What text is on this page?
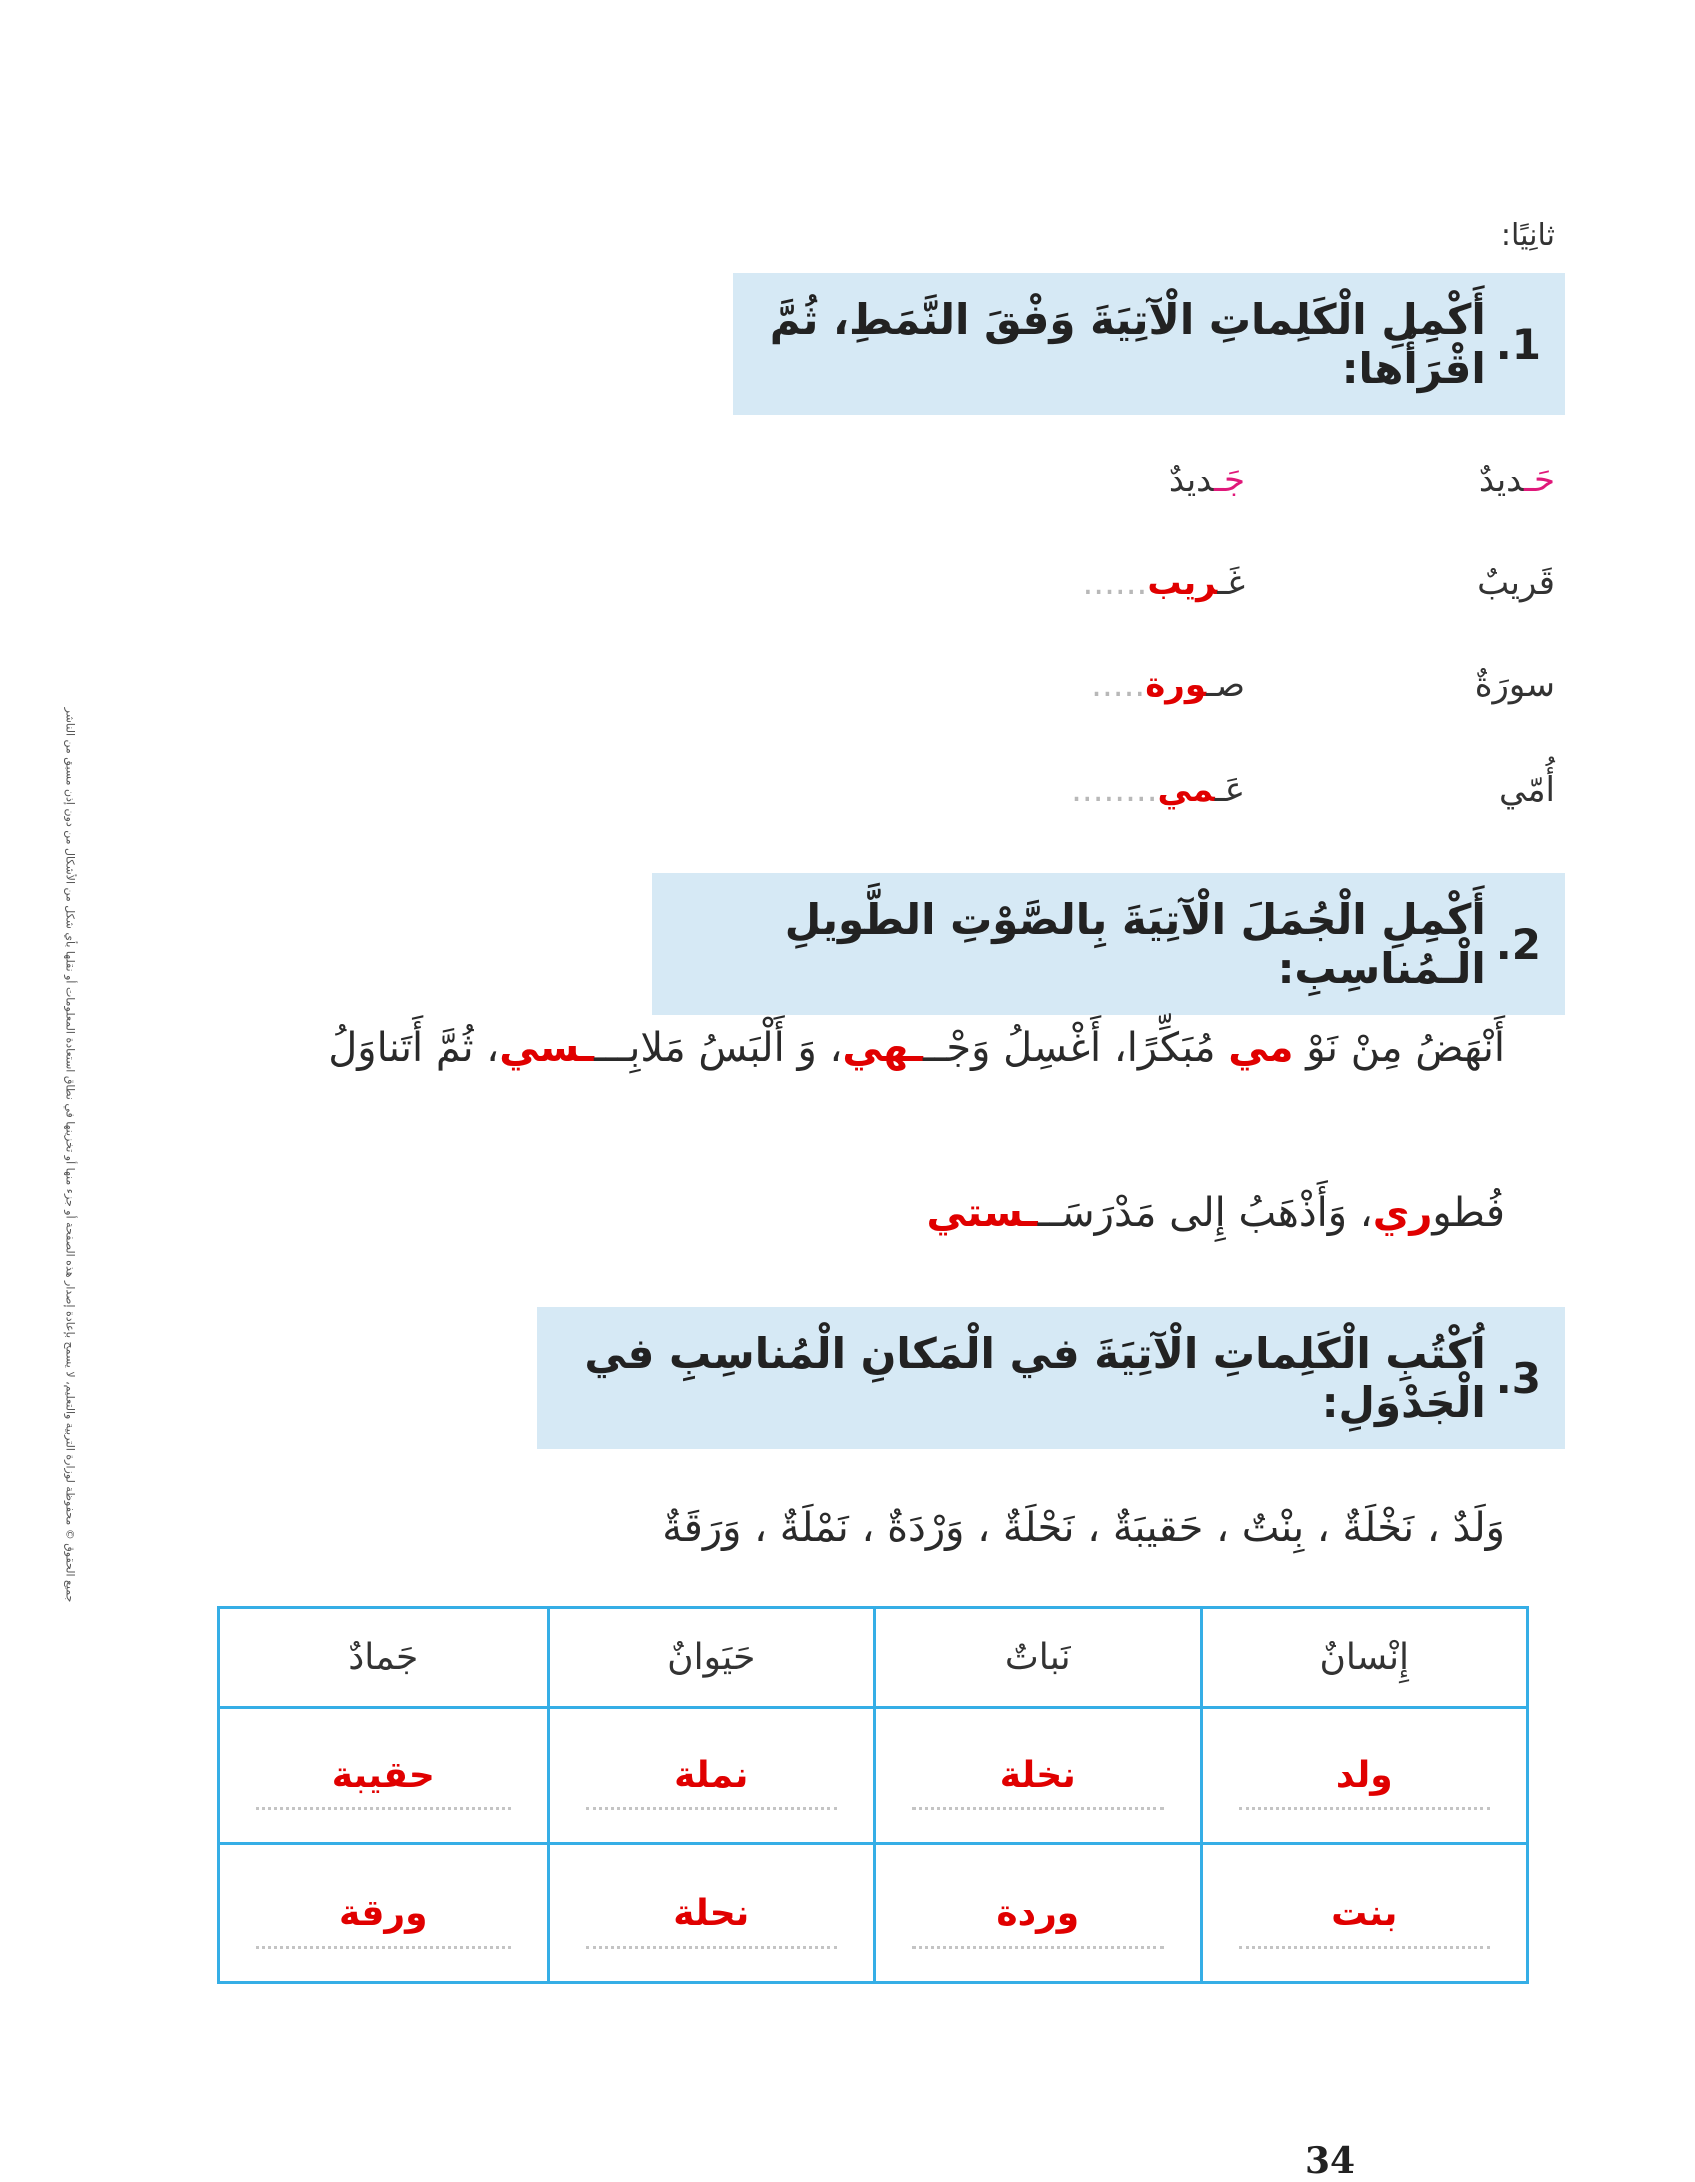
جميع الحقوق © محفوظة لوزارة التربية والتعليم، لا يسمح بإعادة إصدار هذه الصفحة أو جزء منها أو تخزينها في نطاق استعادة المعلومات أو نقلها بأي شكل من الأشكال من دون إذن مسبق من الناشر
ثانِيًا:
1.
أَكْمِلِ الْكَلِماتِ الْآتِيَةَ وَفْقَ النَّمَطِ، ثُمَّ اقْرَأْها:
حَـديدٌ
جَـديدٌ
قَريبٌ
غَـريب......
سورَةٌ
صـورة.....
أُمّي
عَـمي........
2.
أَكْمِلِ الْجُمَلَ الْآتِيَةَ بِالصَّوْتِ الطَّويلِ الْـمُناسِبِ:
أَنْهَضُ مِنْ نَوْ مي مُبَكِّرًا، أَغْسِلُ وَجْـــهي، وَ أَلْبَسُ مَلابِــــسي، ثُمَّ أَتَناوَلُ
فُطوري، وَأَذْهَبُ إِلى مَدْرَسَـــستي
3.
اُكْتُبِ الْكَلِماتِ الْآتِيَةَ في الْمَكانِ الْمُناسِبِ في الْجَدْوَلِ:
وَلَدٌ ، نَخْلَةٌ ، بِنْتٌ ، حَقيبَةٌ ، نَحْلَةٌ ، وَرْدَةٌ ، نَمْلَةٌ ، وَرَقَةٌ
إِنْسانٌ
نَباتٌ
حَيَوانٌ
جَمادٌ
ولد
نخلة
نملة
حقيبة
بنت
وردة
نحلة
ورقة
34
